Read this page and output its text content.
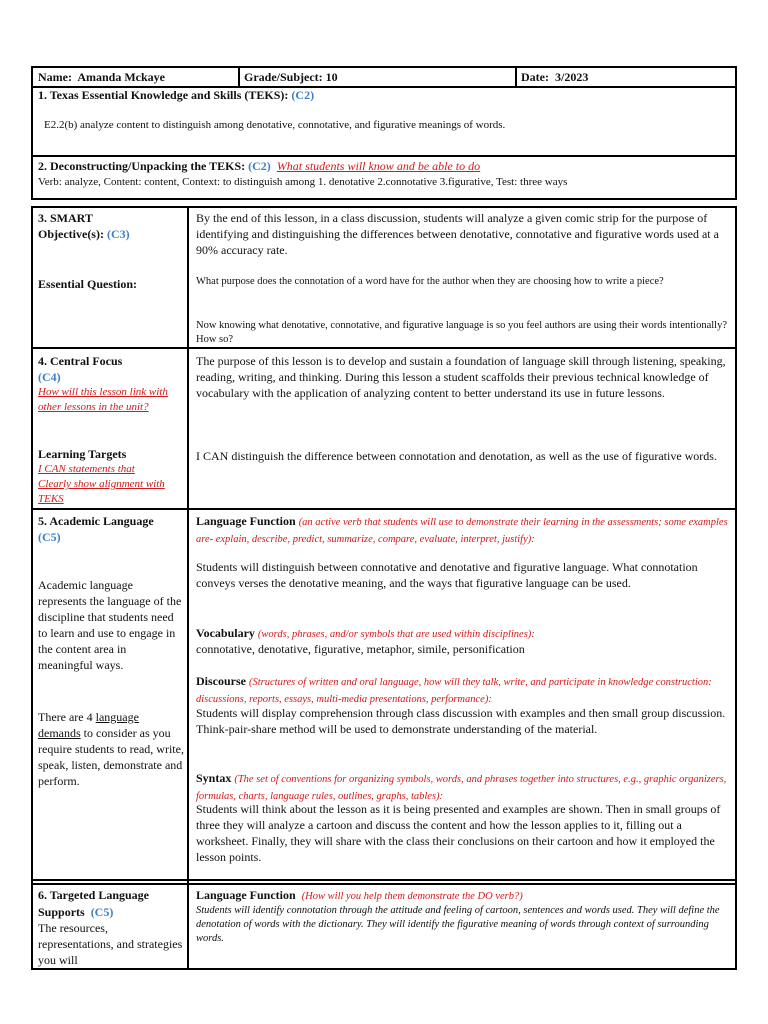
Name: Amanda Mckaye	Grade/Subject: 10	Date: 3/2023
1. Texas Essential Knowledge and Skills (TEKS): (C2)
E2.2(b) analyze content to distinguish among denotative, connotative, and figurative meanings of words.
2. Deconstructing/Unpacking the TEKS: (C2) What students will know and be able to do
Verb: analyze, Content: content, Context: to distinguish among 1. denotative 2.connotative 3.figurative, Test: three ways
3. SMART
Objective(s): (C3)
Essential Question:
By the end of this lesson, in a class discussion, students will analyze a given comic strip for the purpose of identifying and distinguishing the differences between denotative, connotative and figurative words used at a 90% accuracy rate.
What purpose does the connotation of a word have for the author when they are choosing how to write a piece?
Now knowing what denotative, connotative, and figurative language is so you feel authors are using their words intentionally? How so?
4. Central Focus
(C4)
How will this lesson link with other lessons in the unit?
Learning Targets
I CAN statements that Clearly show alignment with TEKS
The purpose of this lesson is to develop and sustain a foundation of language skill through listening, speaking, reading, writing, and thinking. During this lesson a student scaffolds their previous technical knowledge of vocabulary with the application of analyzing content to better understand its use in future lessons.
I CAN distinguish the difference between connotation and denotation, as well as the use of figurative words.
5. Academic Language
(C5)
Academic language represents the language of the discipline that students need to learn and use to engage in the content area in meaningful ways.
There are 4 language demands to consider as you require students to read, write, speak, listen, demonstrate and perform.
Language Function (an active verb that students will use to demonstrate their learning in the assessments; some examples are- explain, describe, predict, summarize, compare, evaluate, interpret, justify):
Students will distinguish between connotative and denotative and figurative language. What connotation conveys verses the denotative meaning, and the ways that figurative language can be used.
Vocabulary (words, phrases, and/or symbols that are used within disciplines):
connotative, denotative, figurative, metaphor, simile, personification
Discourse (Structures of written and oral language, how will they talk, write, and participate in knowledge construction: discussions, reports, essays, multi-media presentations, performance):
Students will display comprehension through class discussion with examples and then small group discussion. Think-pair-share method will be used to demonstrate understanding of the material.
Syntax (The set of conventions for organizing symbols, words, and phrases together into structures, e.g., graphic organizers, formulas, charts, language rules, outlines, graphs, tables):
Students will think about the lesson as it is being presented and examples are shown. Then in small groups of three they will analyze a cartoon and discuss the content and how the lesson applies to it, filling out a worksheet. Finally, they will share with the class their conclusions on their cartoon and how it employed the lesson points.
6. Targeted Language
Supports (C5)
The resources, representations, and strategies you will
Language Function (How will you help them demonstrate the DO verb?)
Students will identify connotation through the attitude and feeling of cartoon, sentences and words used. They will define the denotation of words with the dictionary. They will identify the figurative meaning of words through context of surrounding words.
